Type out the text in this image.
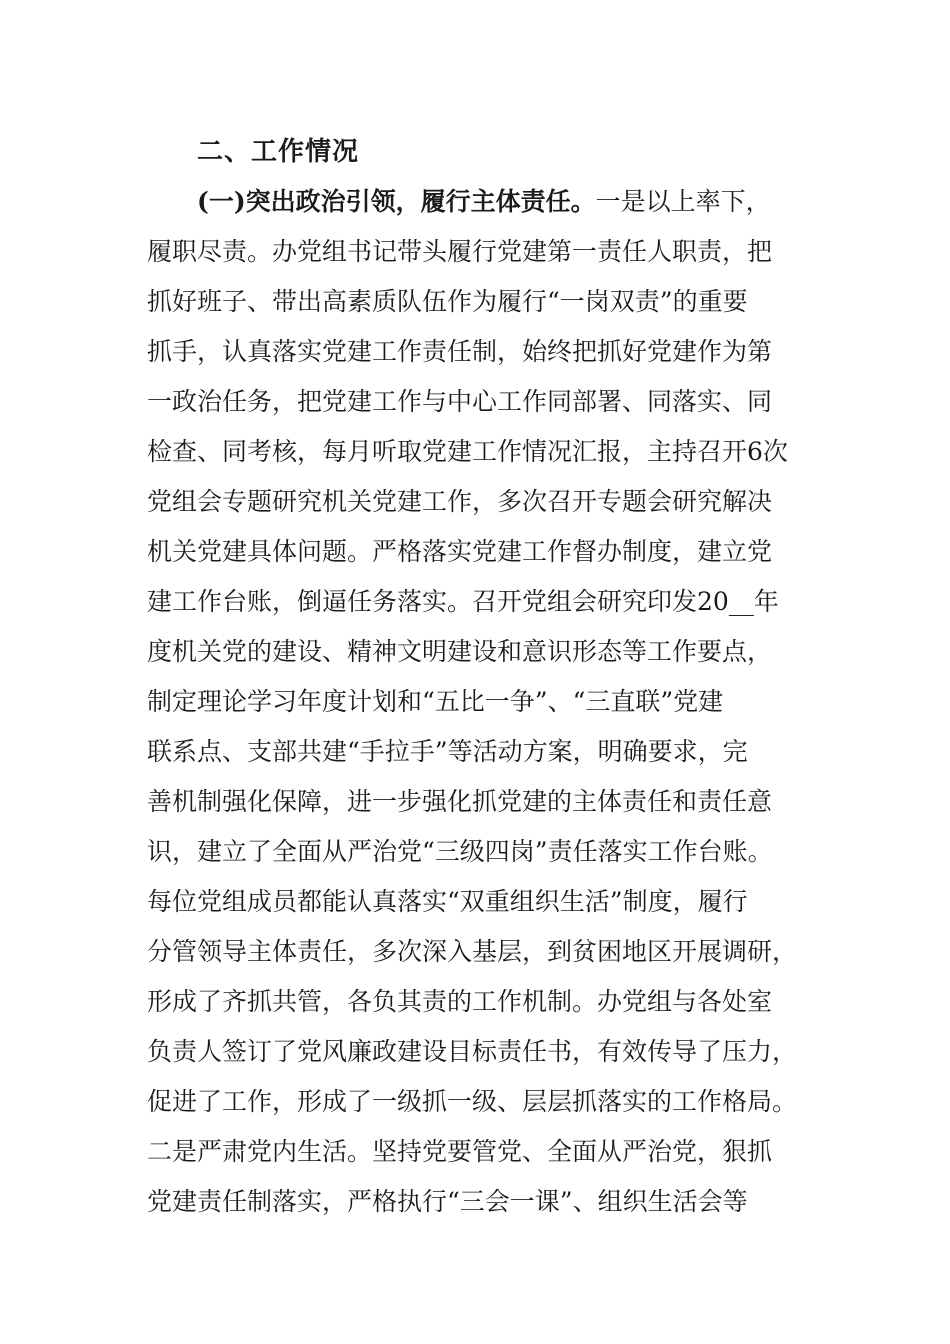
二、工作情况
(一)突出政治引领，履行主体责任。一是以上率下，
履职尽责。办党组书记带头履行党建第一责任人职责，把
抓好班子、带出高素质队伍作为履行“一岗双责”的重要
抓手，认真落实党建工作责任制，始终把抓好党建作为第
一政治任务，把党建工作与中心工作同部署、同落实、同
检查、同考核，每月听取党建工作情况汇报，主持召开6次
党组会专题研究机关党建工作，多次召开专题会研究解决
机关党建具体问题。严格落实党建工作督办制度，建立党
建工作台账，倒逼任务落实。召开党组会研究印发20__年
度机关党的建设、精神文明建设和意识形态等工作要点，
制定理论学习年度计划和“五比一争”、“三直联”党建
联系点、支部共建“手拉手”等活动方案，明确要求，完
善机制强化保障，进一步强化抓党建的主体责任和责任意
识，建立了全面从严治党“三级四岗”责任落实工作台账。
每位党组成员都能认真落实“双重组织生活”制度，履行
分管领导主体责任，多次深入基层，到贫困地区开展调研，
形成了齐抓共管，各负其责的工作机制。办党组与各处室
负责人签订了党风廉政建设目标责任书，有效传导了压力，
促进了工作，形成了一级抓一级、层层抓落实的工作格局。
二是严肃党内生活。坚持党要管党、全面从严治党，狠抓
党建责任制落实，严格执行“三会一课”、组织生活会等
